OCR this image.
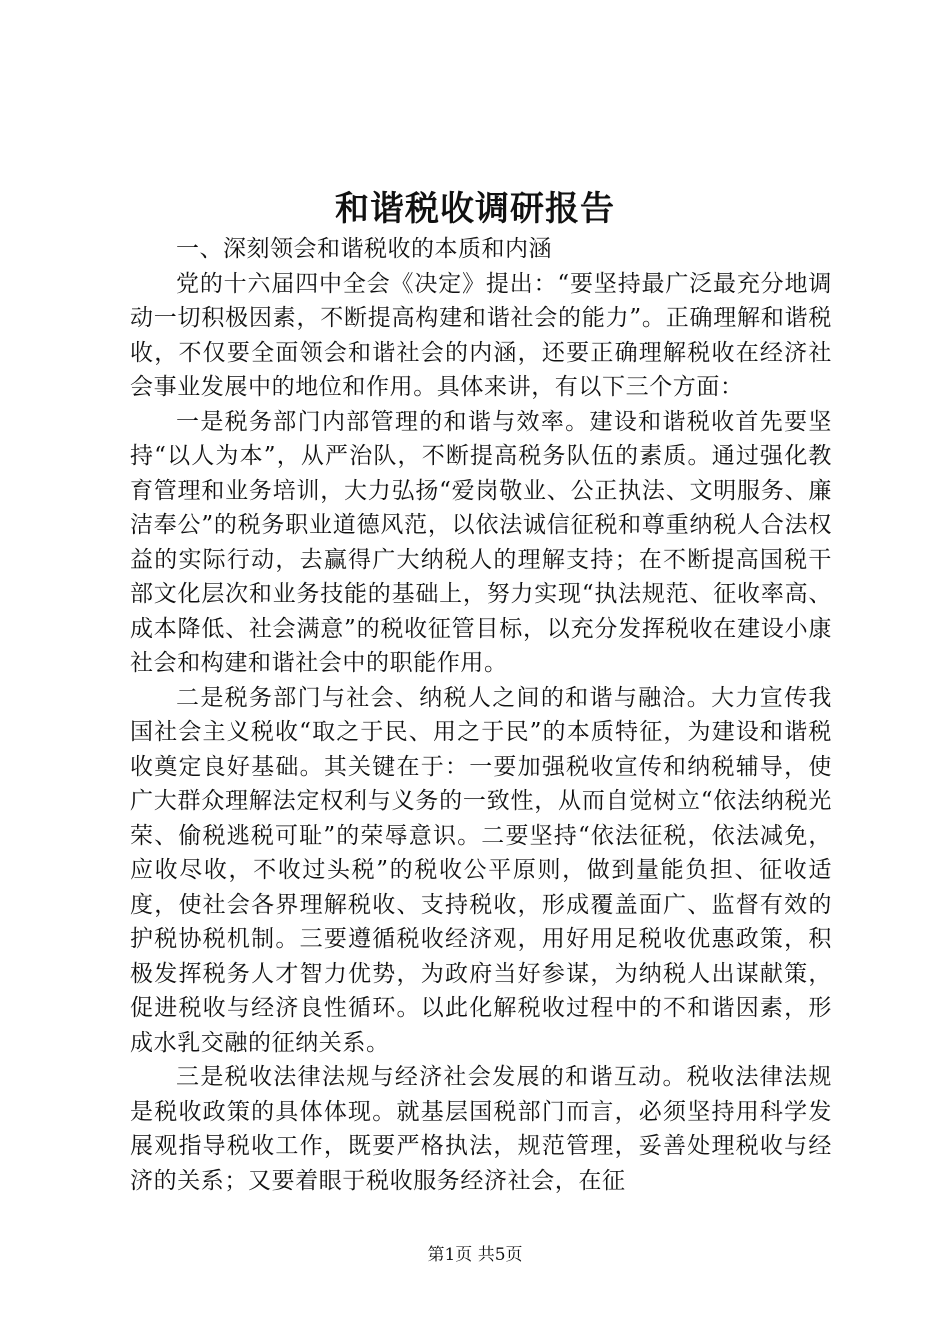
和谐税收调研报告

一、深刻领会和谐税收的本质和内涵

党的十六届四中全会《决定》提出：“要坚持最广泛最充分地调动一切积极因素，不断提高构建和谐社会的能力”。正确理解和谐税收，不仅要全面领会和谐社会的内涵，还要正确理解税收在经济社会事业发展中的地位和作用。具体来讲，有以下三个方面：

一是税务部门内部管理的和谐与效率。建设和谐税收首先要坚持“以人为本”，从严治队，不断提高税务队伍的素质。通过强化教育管理和业务培训，大力弘扬“爱岗敬业、公正执法、文明服务、廉洁奉公”的税务职业道德风范，以依法诚信征税和尊重纳税人合法权益的实际行动，去赢得广大纳税人的理解支持；在不断提高国税干部文化层次和业务技能的基础上，努力实现“执法规范、征收率高、成本降低、社会满意”的税收征管目标，以充分发挥税收在建设小康社会和构建和谐社会中的职能作用。

二是税务部门与社会、纳税人之间的和谐与融洽。大力宣传我国社会主义税收“取之于民、用之于民”的本质特征，为建设和谐税收奠定良好基础。其关键在于：一要加强税收宣传和纳税辅导，使广大群众理解法定权利与义务的一致性，从而自觉树立“依法纳税光荣、偷税逃税可耻”的荣辱意识。二要坚持“依法征税，依法减免，应收尽收，不收过头税”的税收公平原则，做到量能负担、征收适度，使社会各界理解税收、支持税收，形成覆盖面广、监督有效的护税协税机制。三要遵循税收经济观，用好用足税收优惠政策，积极发挥税务人才智力优势，为政府当好参谋，为纳税人出谋献策，促进税收与经济良性循环。以此化解税收过程中的不和谐因素，形成水乳交融的征纳关系。

三是税收法律法规与经济社会发展的和谐互动。税收法律法规是税收政策的具体体现。就基层国税部门而言，必须坚持用科学发展观指导税收工作，既要严格执法，规范管理，妥善处理税收与经济的关系；又要着眼于税收服务经济社会，在征

第1页 共5页
